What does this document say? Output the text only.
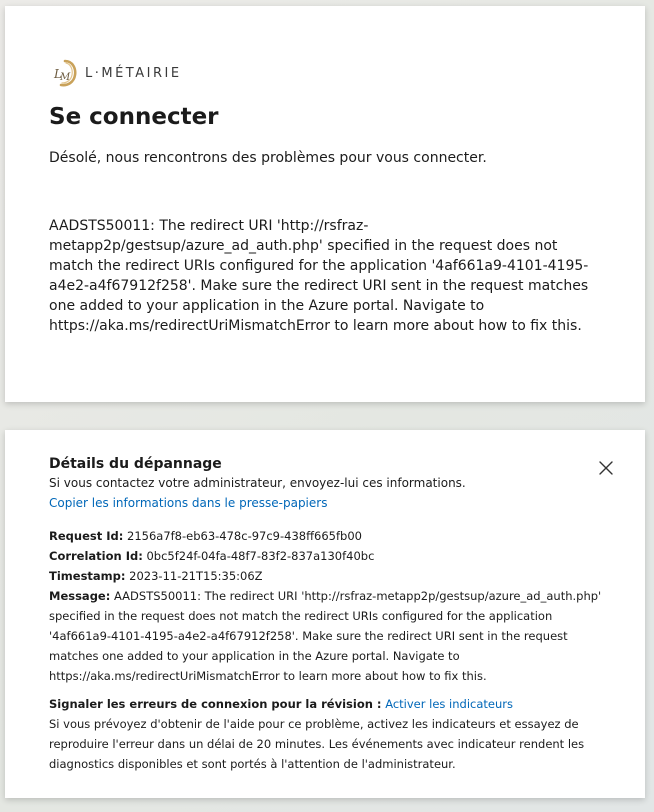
L
M L·MÉTAIRIE
Se connecter
Désolé, nous rencontrons des problèmes pour vous connecter.
AADSTS50011: The redirect URI 'http://rsfraz-metapp2p/gestsup/azure_ad_auth.php' specified in the request does not match the redirect URIs configured for the application '4af661a9-4101-4195-a4e2-a4f67912f258'. Make sure the redirect URI sent in the request matches one added to your application in the Azure portal. Navigate to https://aka.ms/redirectUriMismatchError to learn more about how to fix this.
Détails du dépannage
Si vous contactez votre administrateur, envoyez-lui ces informations.
Copier les informations dans le presse-papiers

Request Id: 2156a7f8-eb63-478c-97c9-438ff665fb00

Correlation Id: 0bc5f24f-04fa-48f7-83f2-837a130f40bc

Timestamp: 2023-11-21T15:35:06Z

Message: AADSTS50011: The redirect URI 'http://rsfraz-metapp2p/gestsup/azure_ad_auth.php' specified in the request does not match the redirect URIs configured for the application '4af661a9-4101-4195-a4e2-a4f67912f258'. Make sure the redirect URI sent in the request matches one added to your application in the Azure portal. Navigate to https://aka.ms/redirectUriMismatchError to learn more about how to fix this.

Signaler les erreurs de connexion pour la révision : Activer les indicateurs
Si vous prévoyez d'obtenir de l'aide pour ce problème, activez les indicateurs et essayez de reproduire l'erreur dans un délai de 20 minutes. Les événements avec indicateur rendent les diagnostics disponibles et sont portés à l'attention de l'administrateur.
